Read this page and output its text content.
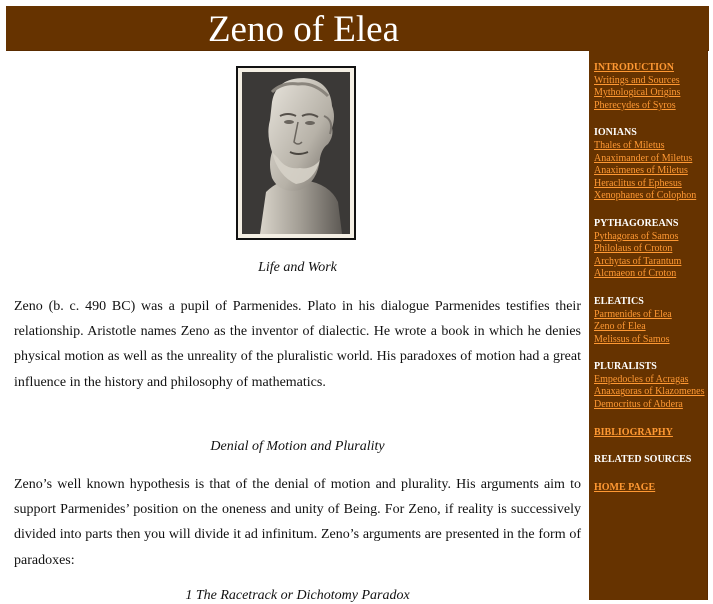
Zeno of Elea
Life and Work

Zeno (b. c. 490 BC) was a pupil of Parmenides. Plato in his dialogue Parmenides testifies their relationship. Aristotle names Zeno as the inventor of dialectic. He wrote a book in which he denies physical motion as well as the unreality of the pluralistic world. His paradoxes of motion had a great influence in the history and philosophy of mathematics.

Denial of Motion and Plurality

Zeno’s well known hypothesis is that of the denial of motion and plurality. His arguments aim to support Parmenides’ position on the oneness and unity of Being. For Zeno, if reality is successively divided into parts then you will divide it ad infinitum. Zeno’s arguments are presented in the form of paradoxes:

1 The Racetrack or Dichotomy Paradox
INTRODUCTION
Writings and Sources
Mythological Origins
Pherecydes of Syros
IONIANS
Thales of Miletus
Anaximander of Miletus
Anaximenes of Miletus
Heraclitus of Ephesus
Xenophanes of Colophon
PYTHAGOREANS
Pythagoras of Samos
Philolaus of Croton
Archytas of Tarantum
Alcmaeon of Croton
ELEATICS
Parmenides of Elea
Zeno of Elea
Melissus of Samos
PLURALISTS
Empedocles of Acragas
Anaxagoras of Klazomenes
Democritus of Abdera
BIBLIOGRAPHY
RELATED SOURCES
HOME PAGE
